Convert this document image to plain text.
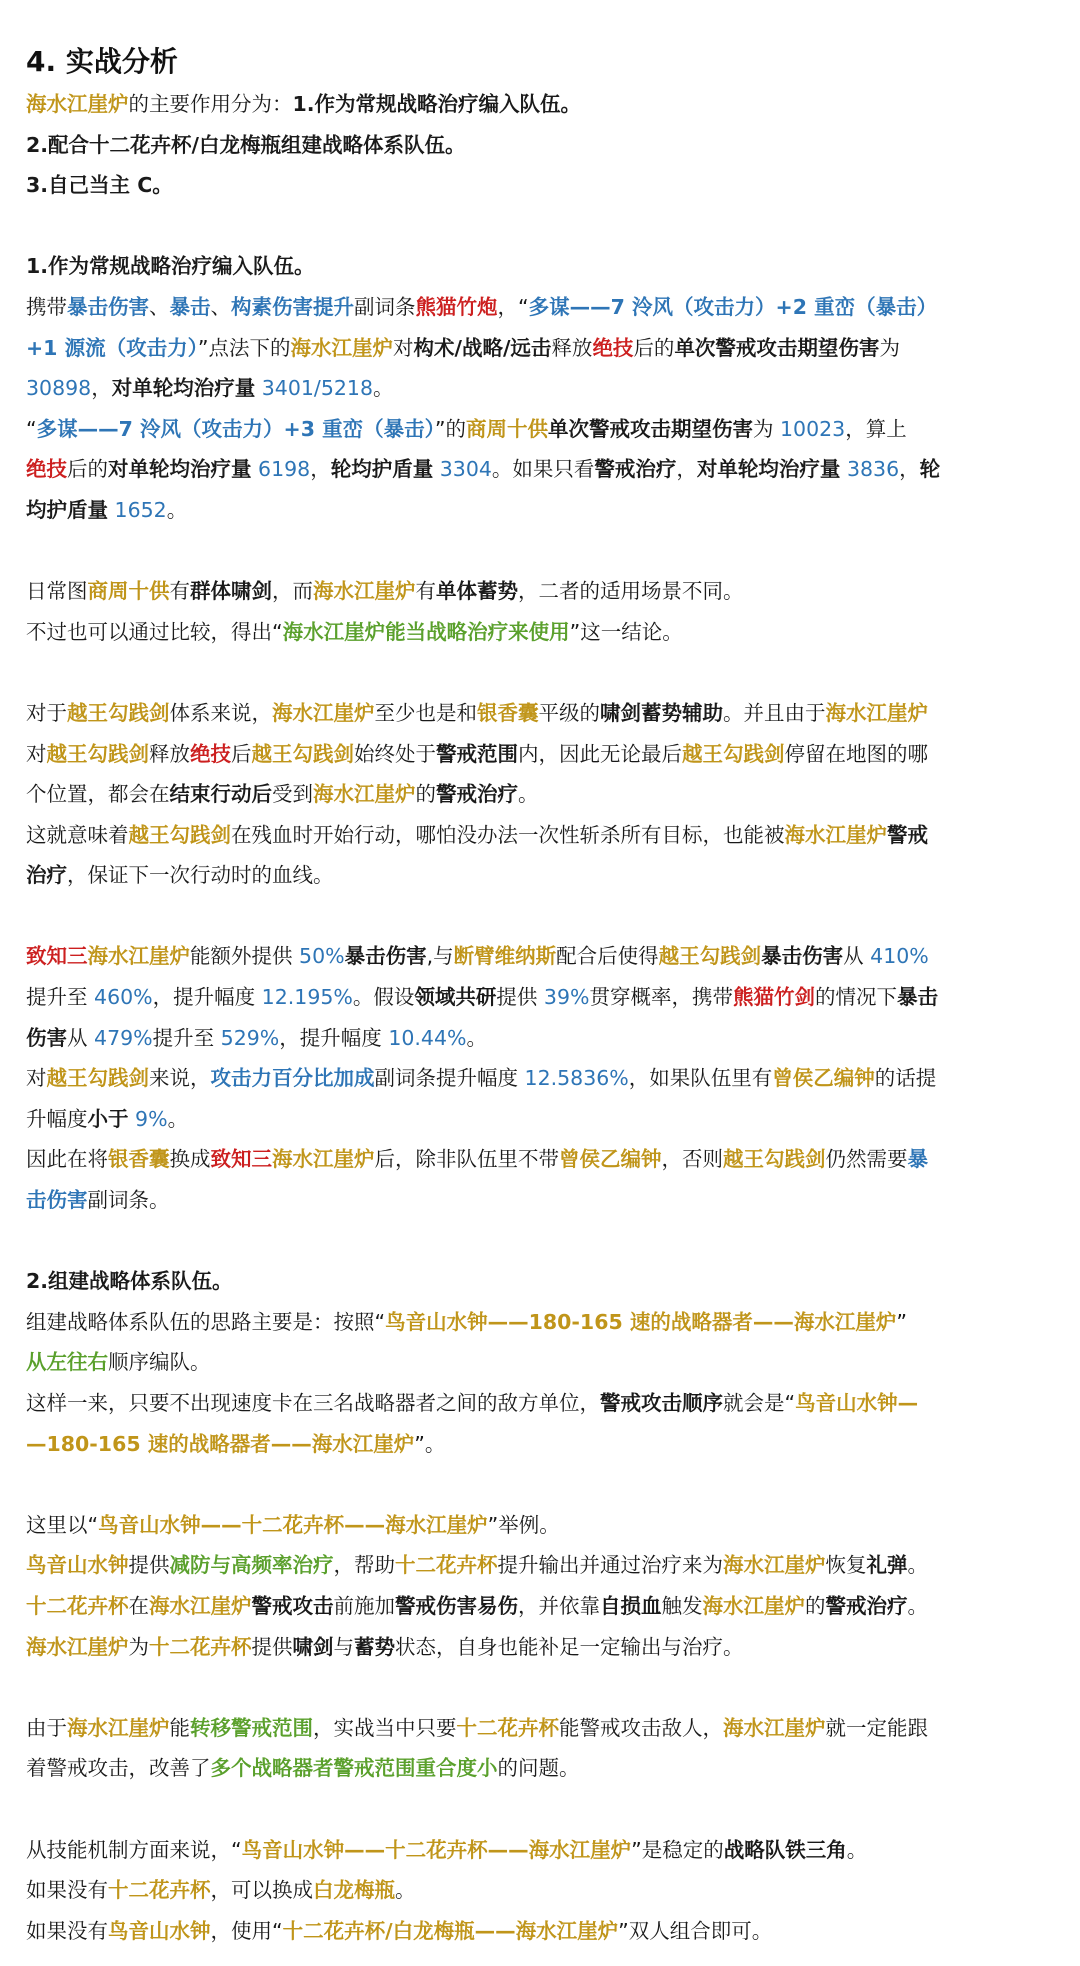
4. 实战分析
海水江崖炉的主要作用分为：1.作为常规战略治疗编入队伍。
2.配合十二花卉杯/白龙梅瓶组建战略体系队伍。
3.自己当主 C。
1.作为常规战略治疗编入队伍。
携带暴击伤害、暴击、构素伤害提升副词条熊猫竹炮，“多谋——7 泠风（攻击力）+2 重峦（暴击）
+1 源流（攻击力）”点法下的海水江崖炉对构术/战略/远击释放绝技后的单次警戒攻击期望伤害为
30898，对单轮均治疗量 3401/5218。
“多谋——7 泠风（攻击力）+3 重峦（暴击）”的商周十供单次警戒攻击期望伤害为 10023，算上
绝技后的对单轮均治疗量 6198，轮均护盾量 3304。如果只看警戒治疗，对单轮均治疗量 3836，轮
均护盾量 1652。
日常图商周十供有群体啸剑，而海水江崖炉有单体蓄势，二者的适用场景不同。
不过也可以通过比较，得出“海水江崖炉能当战略治疗来使用”这一结论。
对于越王勾践剑体系来说，海水江崖炉至少也是和银香囊平级的啸剑蓄势辅助。并且由于海水江崖炉
对越王勾践剑释放绝技后越王勾践剑始终处于警戒范围内，因此无论最后越王勾践剑停留在地图的哪
个位置，都会在结束行动后受到海水江崖炉的警戒治疗。
这就意味着越王勾践剑在残血时开始行动，哪怕没办法一次性斩杀所有目标，也能被海水江崖炉警戒
治疗，保证下一次行动时的血线。
致知三海水江崖炉能额外提供 50%暴击伤害,与断臂维纳斯配合后使得越王勾践剑暴击伤害从 410%
提升至 460%，提升幅度 12.195%。假设领域共研提供 39%贯穿概率，携带熊猫竹剑的情况下暴击
伤害从 479%提升至 529%，提升幅度 10.44%。
对越王勾践剑来说，攻击力百分比加成副词条提升幅度 12.5836%，如果队伍里有曾侯乙编钟的话提
升幅度小于 9%。
因此在将银香囊换成致知三海水江崖炉后，除非队伍里不带曾侯乙编钟，否则越王勾践剑仍然需要暴
击伤害副词条。
2.组建战略体系队伍。
组建战略体系队伍的思路主要是：按照“鸟音山水钟——180-165 速的战略器者——海水江崖炉”
从左往右顺序编队。
这样一来，只要不出现速度卡在三名战略器者之间的敌方单位，警戒攻击顺序就会是“鸟音山水钟—
—180-165 速的战略器者——海水江崖炉”。
这里以“鸟音山水钟——十二花卉杯——海水江崖炉”举例。
鸟音山水钟提供减防与高频率治疗，帮助十二花卉杯提升输出并通过治疗来为海水江崖炉恢复礼弹。
十二花卉杯在海水江崖炉警戒攻击前施加警戒伤害易伤，并依靠自损血触发海水江崖炉的警戒治疗。
海水江崖炉为十二花卉杯提供啸剑与蓄势状态，自身也能补足一定输出与治疗。
由于海水江崖炉能转移警戒范围，实战当中只要十二花卉杯能警戒攻击敌人，海水江崖炉就一定能跟
着警戒攻击，改善了多个战略器者警戒范围重合度小的问题。
从技能机制方面来说，“鸟音山水钟——十二花卉杯——海水江崖炉”是稳定的战略队铁三角。
如果没有十二花卉杯，可以换成白龙梅瓶。
如果没有鸟音山水钟，使用“十二花卉杯/白龙梅瓶——海水江崖炉”双人组合即可。
